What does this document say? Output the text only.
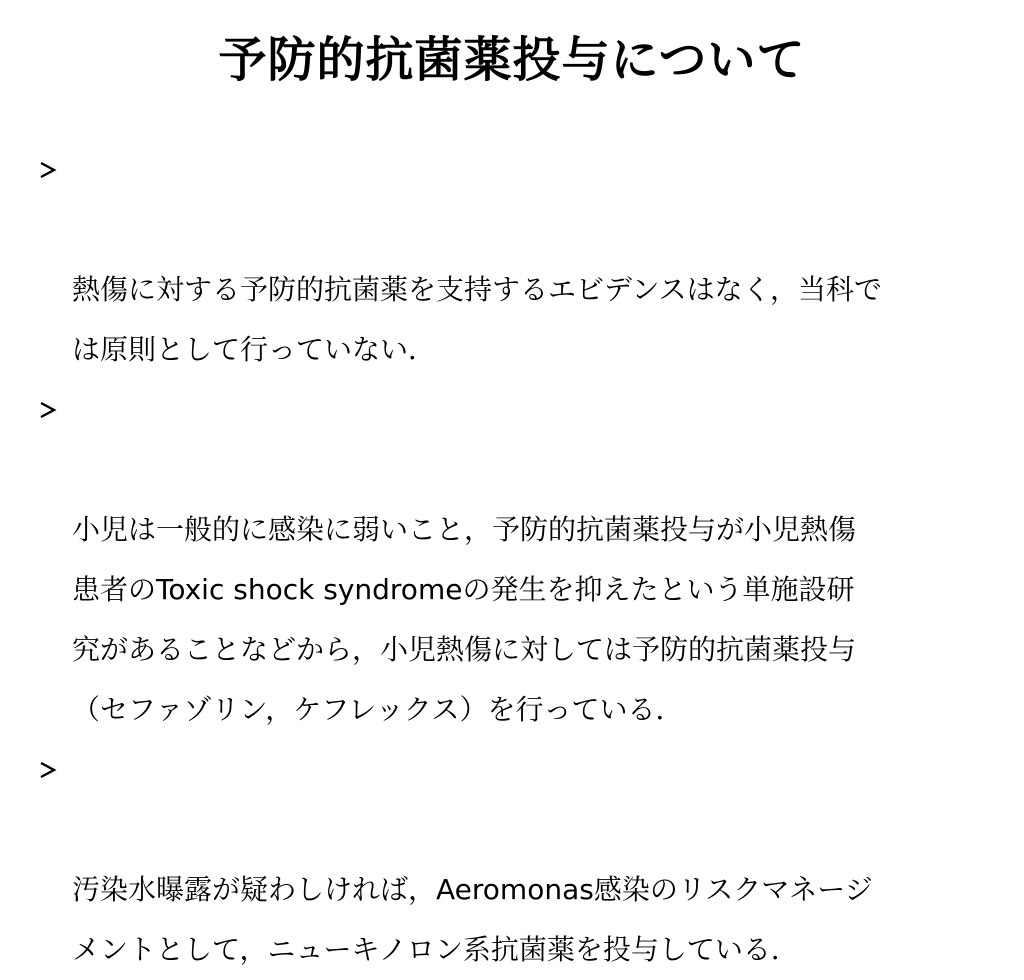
予防的抗菌薬投与について

熱傷に対する予防的抗菌薬を支持するエビデンスはなく，当科で
は原則として行っていない．

小児は一般的に感染に弱いこと，予防的抗菌薬投与が小児熱傷
患者のToxic shock syndromeの発生を抑えたという単施設研
究があることなどから，小児熱傷に対しては予防的抗菌薬投与
（セファゾリン，ケフレックス）を行っている．

汚染水曝露が疑わしければ，Aeromonas感染のリスクマネージ
メントとして，ニューキノロン系抗菌薬を投与している．
